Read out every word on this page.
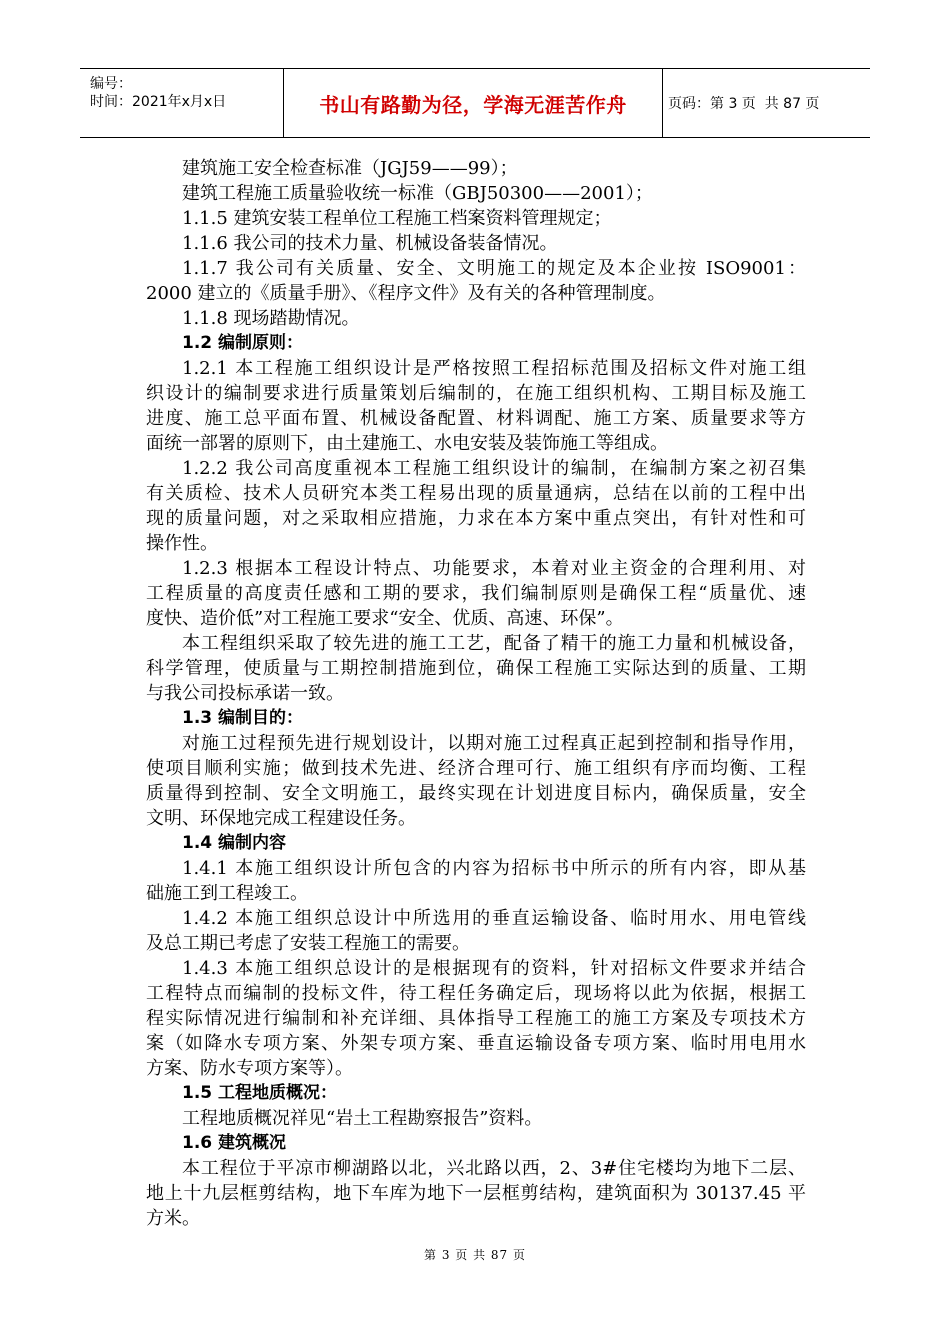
编号：
时间：2021年x月x日	书山有路勤为径，学海无涯苦作舟	页码：第 3 页  共 87 页
建筑施工安全检查标准（JGJ59——99）；
建筑工程施工质量验收统一标准（GBJ50300——2001）；
1.1.5 建筑安装工程单位工程施工档案资料管理规定；
1.1.6 我公司的技术力量、机械设备装备情况。
1.1.7 我公司有关质量、安全、文明施工的规定及本企业按 ISO9001：
2000 建立的《质量手册》、《程序文件》及有关的各种管理制度。
1.1.8 现场踏勘情况。
1.2 编制原则：
1.2.1 本工程施工组织设计是严格按照工程招标范围及招标文件对施工组
织设计的编制要求进行质量策划后编制的，在施工组织机构、工期目标及施工
进度、施工总平面布置、机械设备配置、材料调配、施工方案、质量要求等方
面统一部署的原则下，由土建施工、水电安装及装饰施工等组成。
1.2.2 我公司高度重视本工程施工组织设计的编制，在编制方案之初召集
有关质检、技术人员研究本类工程易出现的质量通病，总结在以前的工程中出
现的质量问题，对之采取相应措施，力求在本方案中重点突出，有针对性和可
操作性。
1.2.3 根据本工程设计特点、功能要求，本着对业主资金的合理利用、对
工程质量的高度责任感和工期的要求，我们编制原则是确保工程“质量优、速
度快、造价低”对工程施工要求“安全、优质、高速、环保”。
本工程组织采取了较先进的施工工艺，配备了精干的施工力量和机械设备，
科学管理，使质量与工期控制措施到位，确保工程施工实际达到的质量、工期
与我公司投标承诺一致。
1.3 编制目的：
对施工过程预先进行规划设计，以期对施工过程真正起到控制和指导作用，
使项目顺利实施；做到技术先进、经济合理可行、施工组织有序而均衡、工程
质量得到控制、安全文明施工，最终实现在计划进度目标内，确保质量，安全
文明、环保地完成工程建设任务。
1.4 编制内容
1.4.1 本施工组织设计所包含的内容为招标书中所示的所有内容，即从基
础施工到工程竣工。
1.4.2 本施工组织总设计中所选用的垂直运输设备、临时用水、用电管线
及总工期已考虑了安装工程施工的需要。
1.4.3 本施工组织总设计的是根据现有的资料，针对招标文件要求并结合
工程特点而编制的投标文件，待工程任务确定后，现场将以此为依据，根据工
程实际情况进行编制和补充详细、具体指导工程施工的施工方案及专项技术方
案（如降水专项方案、外架专项方案、垂直运输设备专项方案、临时用电用水
方案、防水专项方案等）。
1.5 工程地质概况：
工程地质概况祥见“岩土工程勘察报告”资料。
1.6 建筑概况
本工程位于平凉市柳湖路以北，兴北路以西，2、3#住宅楼均为地下二层、
地上十九层框剪结构，地下车库为地下一层框剪结构，建筑面积为 30137.45 平
方米。
第 3 页 共 87 页
